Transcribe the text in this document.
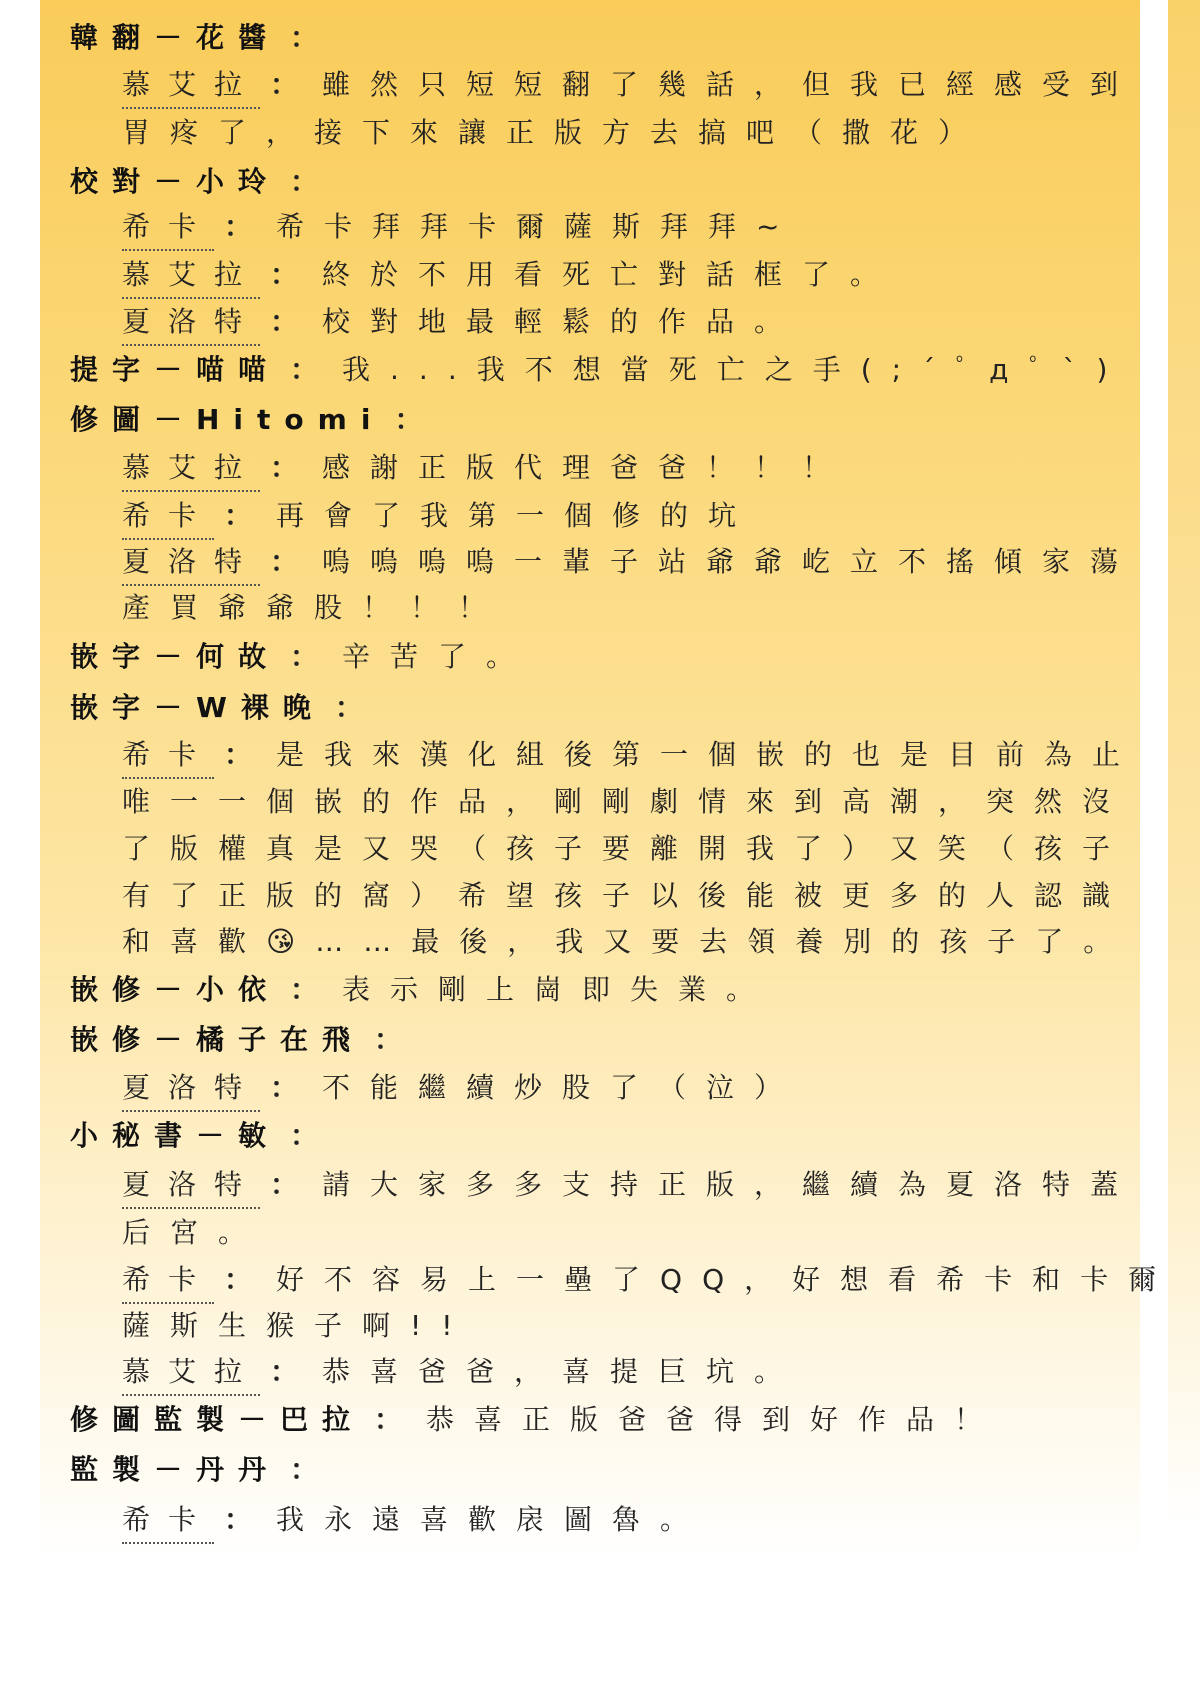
韓翻－花醬 ：
慕艾拉 ： 雖然只短短翻了幾話，但我已經感受到
胃疼了，接下來讓正版方去搞吧（撒花）
校對－小玲 ：
希卡 ： 希卡拜拜卡爾薩斯拜拜~
慕艾拉 ： 終於不用看死亡對話框了。
夏洛特 ： 校對地最輕鬆的作品。
提字－喵喵 ： 我...我不想當死亡之手(;´ﾟдﾟ`)
修圖－Hitomi ：
慕艾拉 ： 感謝正版代理爸爸！！！
希卡 ： 再會了我第一個修的坑
夏洛特 ： 嗚嗚嗚嗚一輩子站爺爺屹立不搖傾家蕩
產買爺爺股！！！
嵌字－何故 ： 辛苦了。
嵌字－W裸晚 ：
希卡 ： 是我來漢化組後第一個嵌的也是目前為止
唯一一個嵌的作品，剛剛劇情來到高潮，突然沒
了版權真是又哭（孩子要離開我了）又笑（孩子
有了正版的窩）希望孩子以後能被更多的人認識
和喜歡😘……最後，我又要去領養別的孩子了。
嵌修－小依 ： 表示剛上崗即失業。
嵌修－橘子在飛 ：
夏洛特 ： 不能繼續炒股了（泣）
小秘書－敏 ：
夏洛特 ： 請大家多多支持正版，繼續為夏洛特蓋
后宮。
希卡 ： 好不容易上一壘了QQ，好想看希卡和卡爾
薩斯生猴子啊!!
慕艾拉 ： 恭喜爸爸，喜提巨坑。
修圖監製－巴拉 ： 恭喜正版爸爸得到好作品！
監製－丹丹 ：
希卡 ： 我永遠喜歡扆圖魯。
